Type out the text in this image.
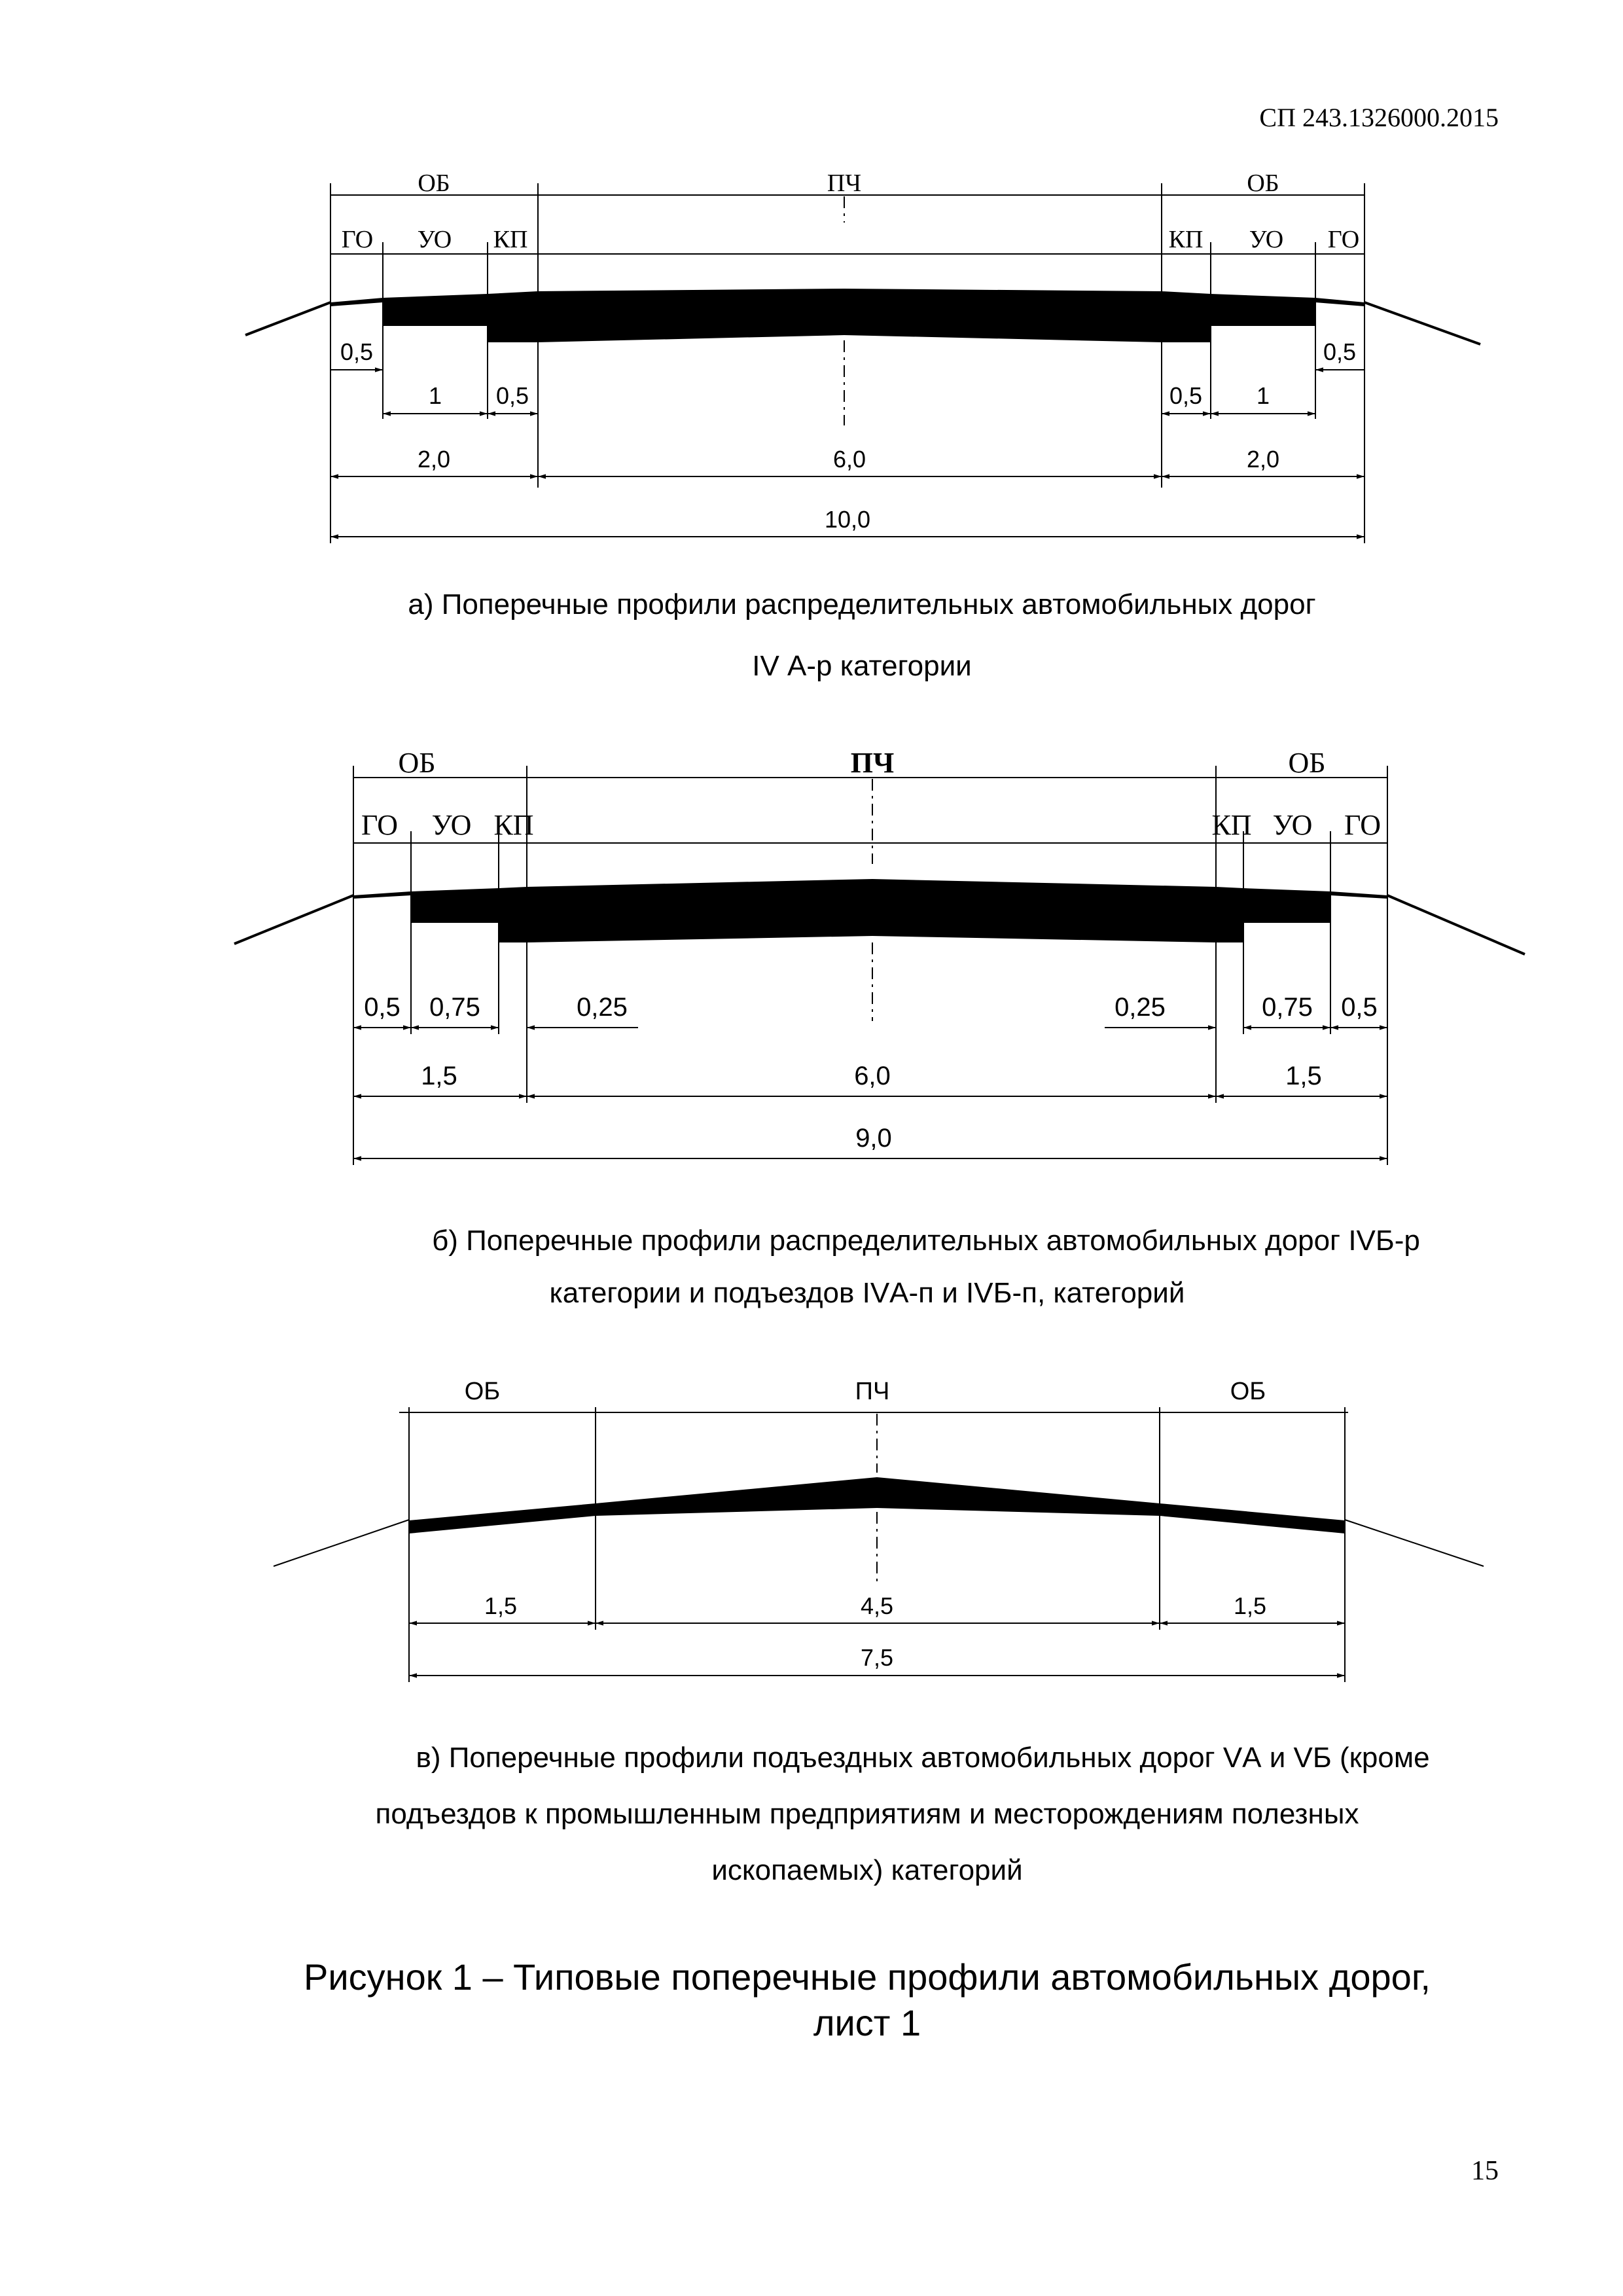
СП 243.1326000.2015
ОБ	ПЧ	ОБ
ГО УО КП	КП УО ГО
0,5	0,5
1 0,5	0,5 1
2,0	6,0	2,0
10,0
а) Поперечные профили распределительных автомобильных дорог
IV А-р категории
ОБ	ПЧ	ОБ
ГО УО КП	КП УО ГО
0,5 0,75	0,25	0,25	0,75 0,5
1,5	6,0	1,5
9,0
б) Поперечные профили распределительных автомобильных дорог IVБ-р
категории и подъездов IVА-п и IVБ-п, категорий
ОБ	ПЧ	ОБ
1,5	4,5	1,5
7,5
в) Поперечные профили подъездных автомобильных дорог VА и VБ (кроме
подъездов к промышленным предприятиям и месторождениям полезных
ископаемых) категорий
Рисунок 1 – Типовые поперечные профили автомобильных дорог,
лист 1
15
